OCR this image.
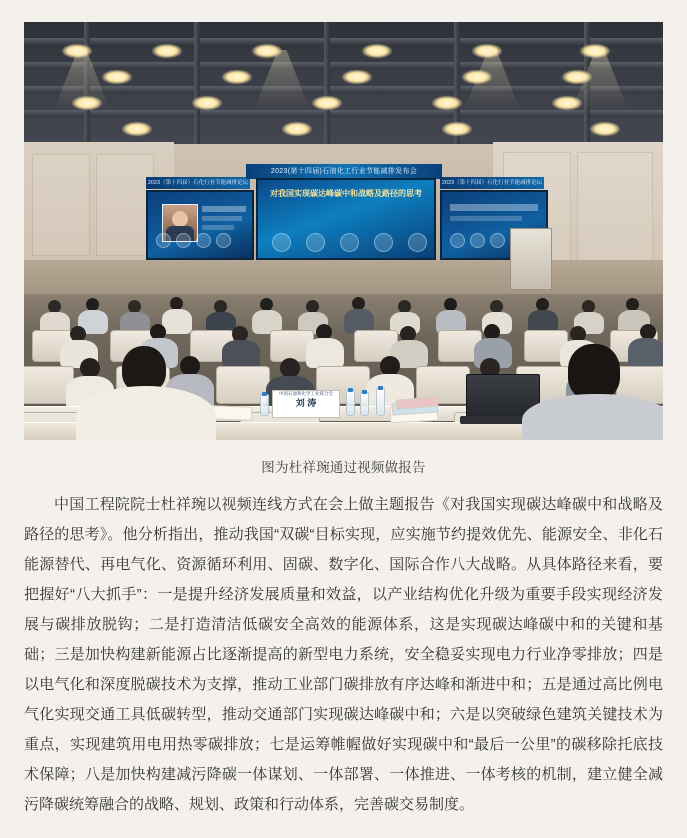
2023（第十四届）石化行业节能减排论坛
2023(第十四届)石油化工行业节能减排发布会
对我国实现碳达峰碳中和战略及路径的思考
2023（第十四届）石化行业节能减排论坛
中国石油和化学工业联合会
刘 涛
图为杜祥琬通过视频做报告

中国工程院院士杜祥琬以视频连线方式在会上做主题报告《对我国实现碳达峰碳中和战略及路径的思考》。他分析指出，推动我国“双碳“目标实现，应实施节约提效优先、能源安全、非化石能源替代、再电气化、资源循环利用、固碳、数字化、国际合作八大战略。从具体路径来看，要把握好“八大抓手”：一是提升经济发展质量和效益，以产业结构优化升级为重要手段实现经济发展与碳排放脱钩；二是打造清洁低碳安全高效的能源体系，这是实现碳达峰碳中和的关键和基础；三是加快构建新能源占比逐渐提高的新型电力系统，安全稳妥实现电力行业净零排放；四是以电气化和深度脱碳技术为支撑，推动工业部门碳排放有序达峰和渐进中和；五是通过高比例电气化实现交通工具低碳转型，推动交通部门实现碳达峰碳中和；六是以突破绿色建筑关键技术为重点，实现建筑用电用热零碳排放；七是运筹帷幄做好实现碳中和“最后一公里”的碳移除托底技术保障；八是加快构建减污降碳一体谋划、一体部署、一体推进、一体考核的机制，建立健全减污降碳统筹融合的战略、规划、政策和行动体系，完善碳交易制度。
